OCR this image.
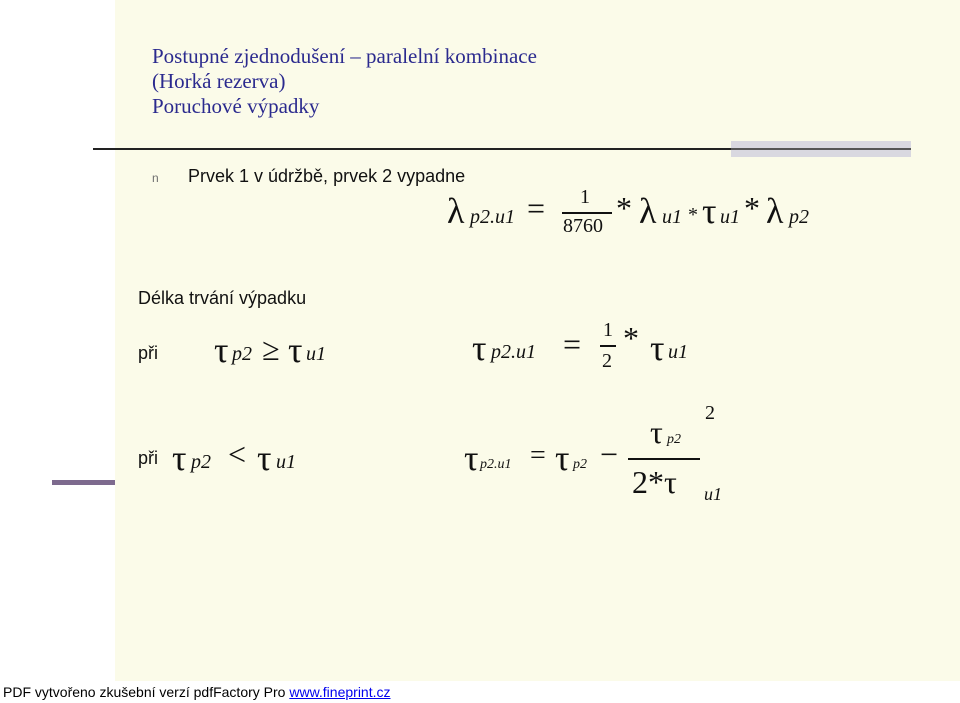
Postupné zjednodušení – paralelní kombinace
(Horká rezerva)
Poruchové výpadky
n Prvek 1 v údržbě, prvek 2 vypadne
λ p2.u1 = 1
8760 * λ u1 * τ u1 * λ p2
Délka trvání výpadku
při τ p2 ≥ τ u1	τ p2.u1 = 1
2
* τ u1
při τ p2 < τ u1	τ p2.u1 = τ p2 −
τ p2
2
2*τ u1
PDF vytvořeno zkušební verzí pdfFactory Pro www.fineprint.cz
